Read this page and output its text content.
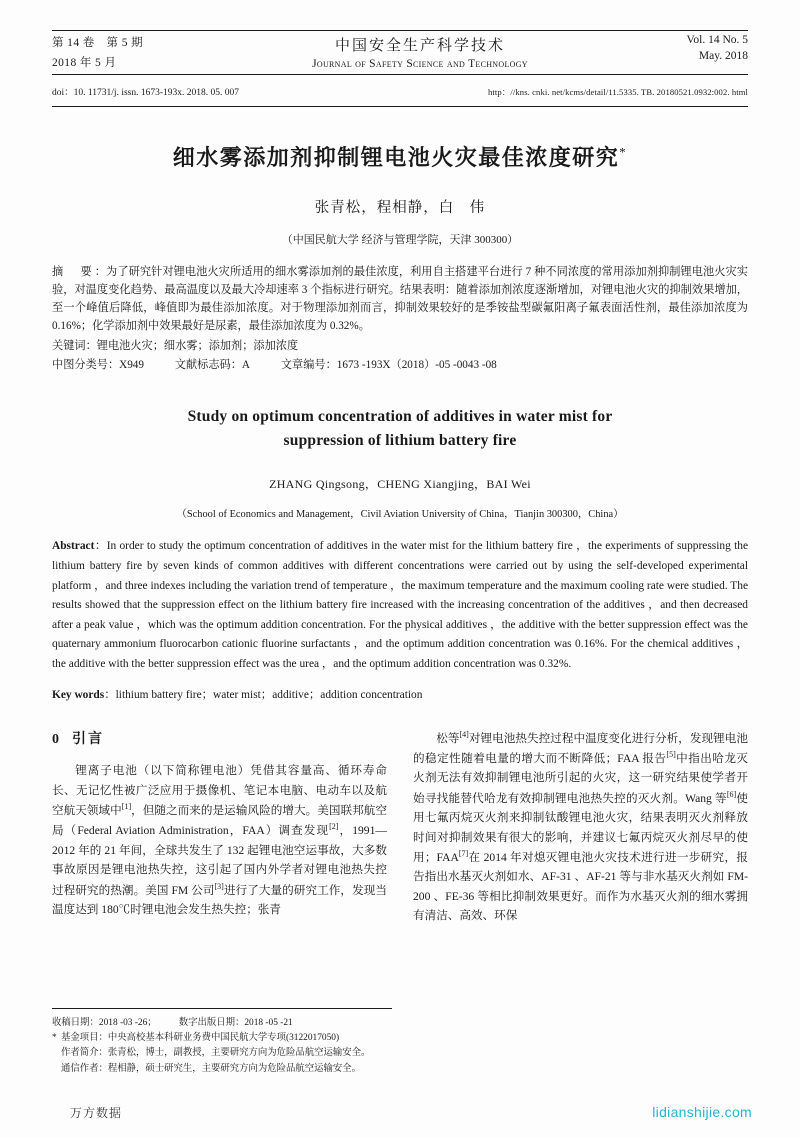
第 14 卷　第 5 期
2018 年 5 月
中国安全生产科学技术
Journal of Safety Science and Technology
Vol. 14 No. 5
May. 2018
doi：10. 11731/j. issn. 1673-193x. 2018. 05. 007	http：//kns. cnki. net/kcms/detail/11.5335. TB. 20180521.0932:002. html
细水雾添加剂抑制锂电池火灾最佳浓度研究*
张青松，程相静，白　伟
（中国民航大学 经济与管理学院，天津 300300）
摘　要：为了研究针对锂电池火灾所适用的细水雾添加剂的最佳浓度，利用自主搭建平台进行 7 种不同浓度的常用添加剂抑制锂电池火灾实验，对温度变化趋势、最高温度以及最大冷却速率 3 个指标进行研究。结果表明：随着添加剂浓度逐渐增加，对锂电池火灾的抑制效果增加，至一个峰值后降低，峰值即为最佳添加浓度。对于物理添加剂而言，抑制效果较好的是季铵盐型碳氟阳离子氟表面活性剂，最佳添加浓度为 0.16%；化学添加剂中效果最好是尿素，最佳添加浓度为 0.32%。
关键词：锂电池火灾；细水雾；添加剂；添加浓度
中图分类号：X949	文献标志码：A	文章编号：1673 -193X（2018）-05 -0043 -08
Study on optimum concentration of additives in water mist for
suppression of lithium battery fire
ZHANG Qingsong，CHENG Xiangjing，BAI Wei
（School of Economics and Management，Civil Aviation University of China，Tianjin 300300，China）
Abstract：In order to study the optimum concentration of additives in the water mist for the lithium battery fire ，the experiments of suppressing the lithium battery fire by seven kinds of common additives with different concentrations were carried out by using the self-developed experimental platform ，and three indexes including the variation trend of temperature ，the maximum temperature and the maximum cooling rate were studied. The results showed that the suppression effect on the lithium battery fire increased with the increasing concentration of the additives ，and then decreased after a peak value ，which was the optimum addition concentration. For the physical additives ，the additive with the better suppression effect was the quaternary ammonium fluorocarbon cationic fluorine surfactants ，and the optimum addition concentration was 0.16%. For the chemical additives ，the additive with the better suppression effect was the urea ，and the optimum addition concentration was 0.32%.
Key words：lithium battery fire；water mist；additive；addition concentration
0 引言

锂离子电池（以下简称锂电池）凭借其容量高、循环寿命长、无记忆性被广泛应用于摄像机、笔记本电脑、电动车以及航空航天领域中[1]，但随之而来的是运输风险的增大。美国联邦航空局（Federal Aviation Administration，FAA）调查发现[2]，1991—2012 年的 21 年间，全球共发生了 132 起锂电池空运事故，大多数事故原因是锂电池热失控，这引起了国内外学者对锂电池热失控过程研究的热潮。美国 FM 公司[3]进行了大量的研究工作，发现当温度达到 180℃时锂电池会发生热失控；张青

松等[4]对锂电池热失控过程中温度变化进行分析，发现锂电池的稳定性随着电量的增大而不断降低；FAA 报告[5]中指出哈龙灭火剂无法有效抑制锂电池所引起的火灾，这一研究结果使学者开始寻找能替代哈龙有效抑制锂电池热失控的灭火剂。Wang 等[6]使用七氟丙烷灭火剂来抑制钛酸锂电池火灾，结果表明灭火剂释放时间对抑制效果有很大的影响，并建议七氟丙烷灭火剂尽早的使用；FAA[7]在 2014 年对熄灭锂电池火灾技术进行进一步研究，报告指出水基灭火剂如水、AF-31 、AF-21 等与非水基灭火剂如 FM-200 、FE-36 等相比抑制效果更好。而作为水基灭火剂的细水雾拥有清洁、高效、环保

收稿日期：2018 -03 -26； 数字出版日期：2018 -05 -21
* 基金项目：中央高校基本科研业务费中国民航大学专项(3122017050)
作者简介：张青松，博士，副教授，主要研究方向为危险品航空运输安全。
通信作者：程相静，硕士研究生，主要研究方向为危险品航空运输安全。
万方数据	lidianshijie.com
